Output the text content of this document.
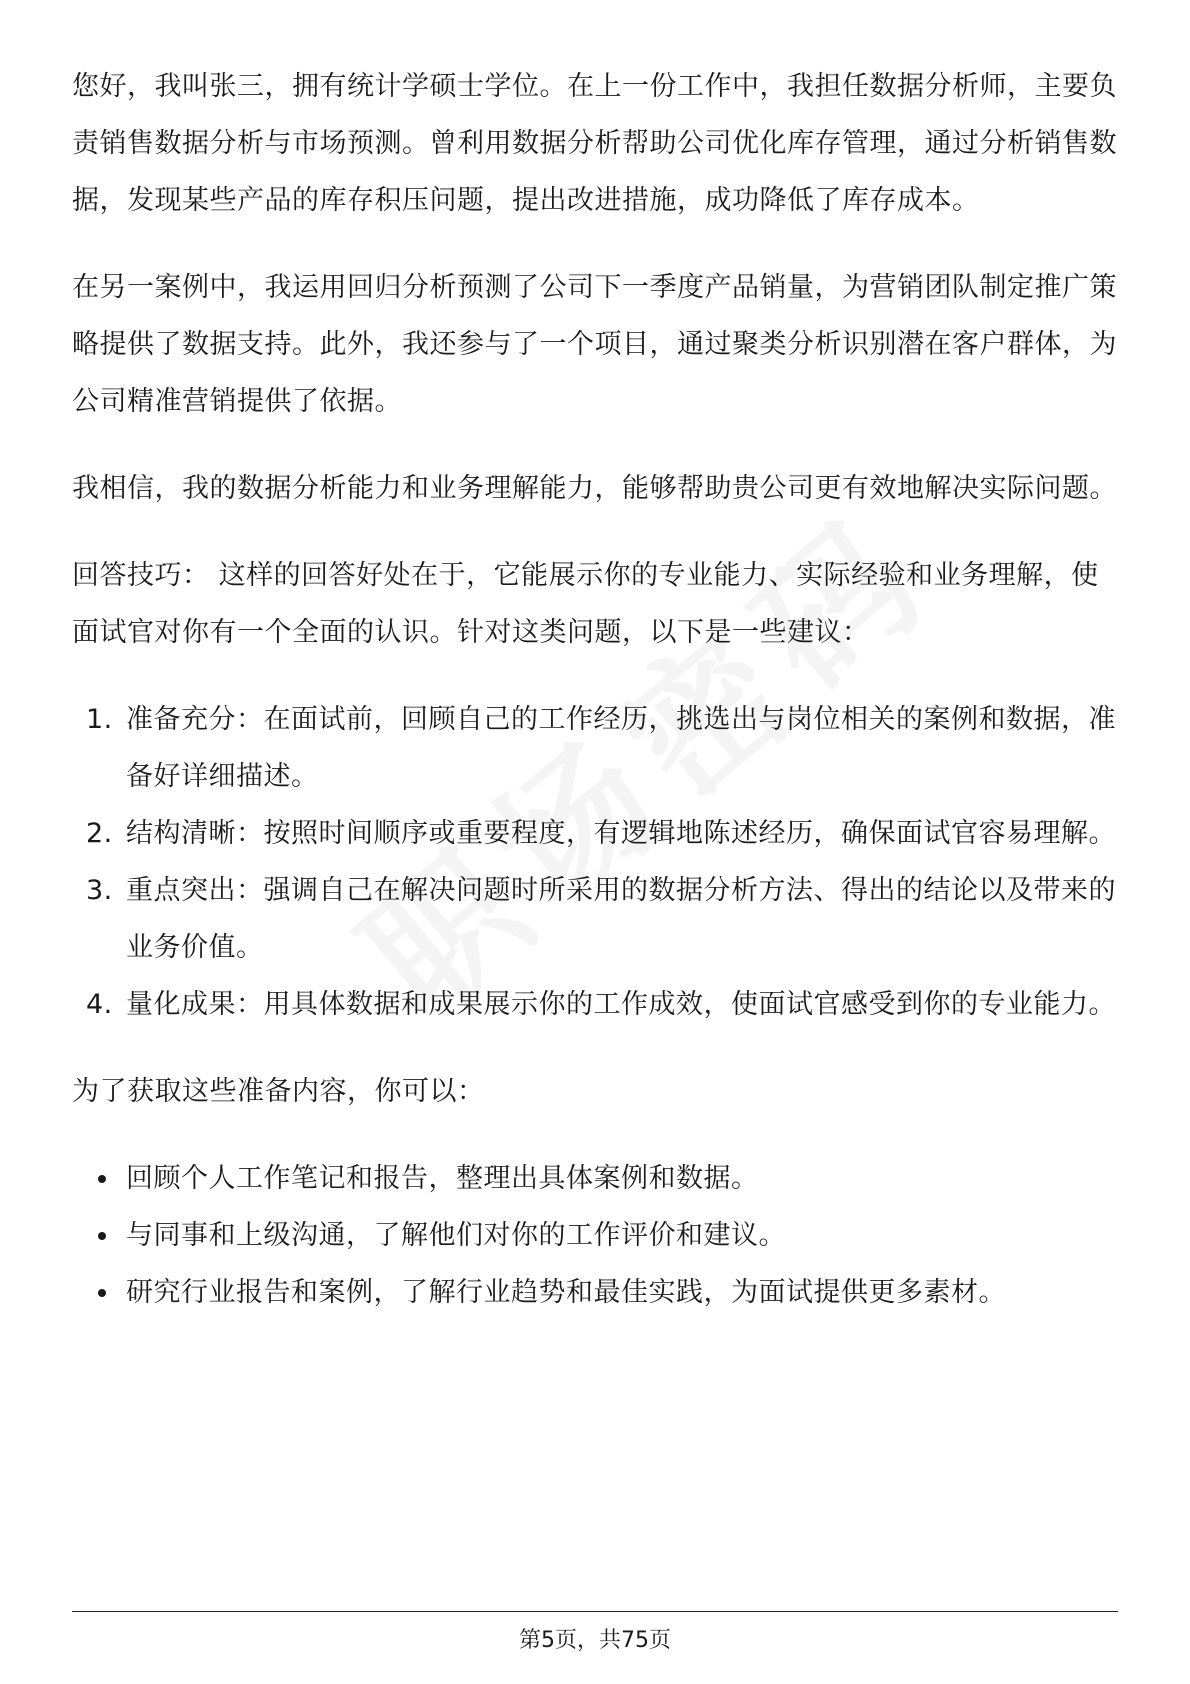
您好，我叫张三，拥有统计学硕士学位。在上一份工作中，我担任数据分析师，主要负责销售数据分析与市场预测。曾利用数据分析帮助公司优化库存管理，通过分析销售数据，发现某些产品的库存积压问题，提出改进措施，成功降低了库存成本。

在另一案例中，我运用回归分析预测了公司下一季度产品销量，为营销团队制定推广策略提供了数据支持。此外，我还参与了一个项目，通过聚类分析识别潜在客户群体，为公司精准营销提供了依据。

我相信，我的数据分析能力和业务理解能力，能够帮助贵公司更有效地解决实际问题。

回答技巧： 这样的回答好处在于，它能展示你的专业能力、实际经验和业务理解，使面试官对你有一个全面的认识。针对这类问题，以下是一些建议：

1. 准备充分：在面试前，回顾自己的工作经历，挑选出与岗位相关的案例和数据，准备好详细描述。
2. 结构清晰：按照时间顺序或重要程度，有逻辑地陈述经历，确保面试官容易理解。
3. 重点突出：强调自己在解决问题时所采用的数据分析方法、得出的结论以及带来的业务价值。
4. 量化成果：用具体数据和成果展示你的工作成效，使面试官感受到你的专业能力。

为了获取这些准备内容，你可以：

回顾个人工作笔记和报告，整理出具体案例和数据。
与同事和上级沟通，了解他们对你的工作评价和建议。
研究行业报告和案例，了解行业趋势和最佳实践，为面试提供更多素材。
第5页，共75页
